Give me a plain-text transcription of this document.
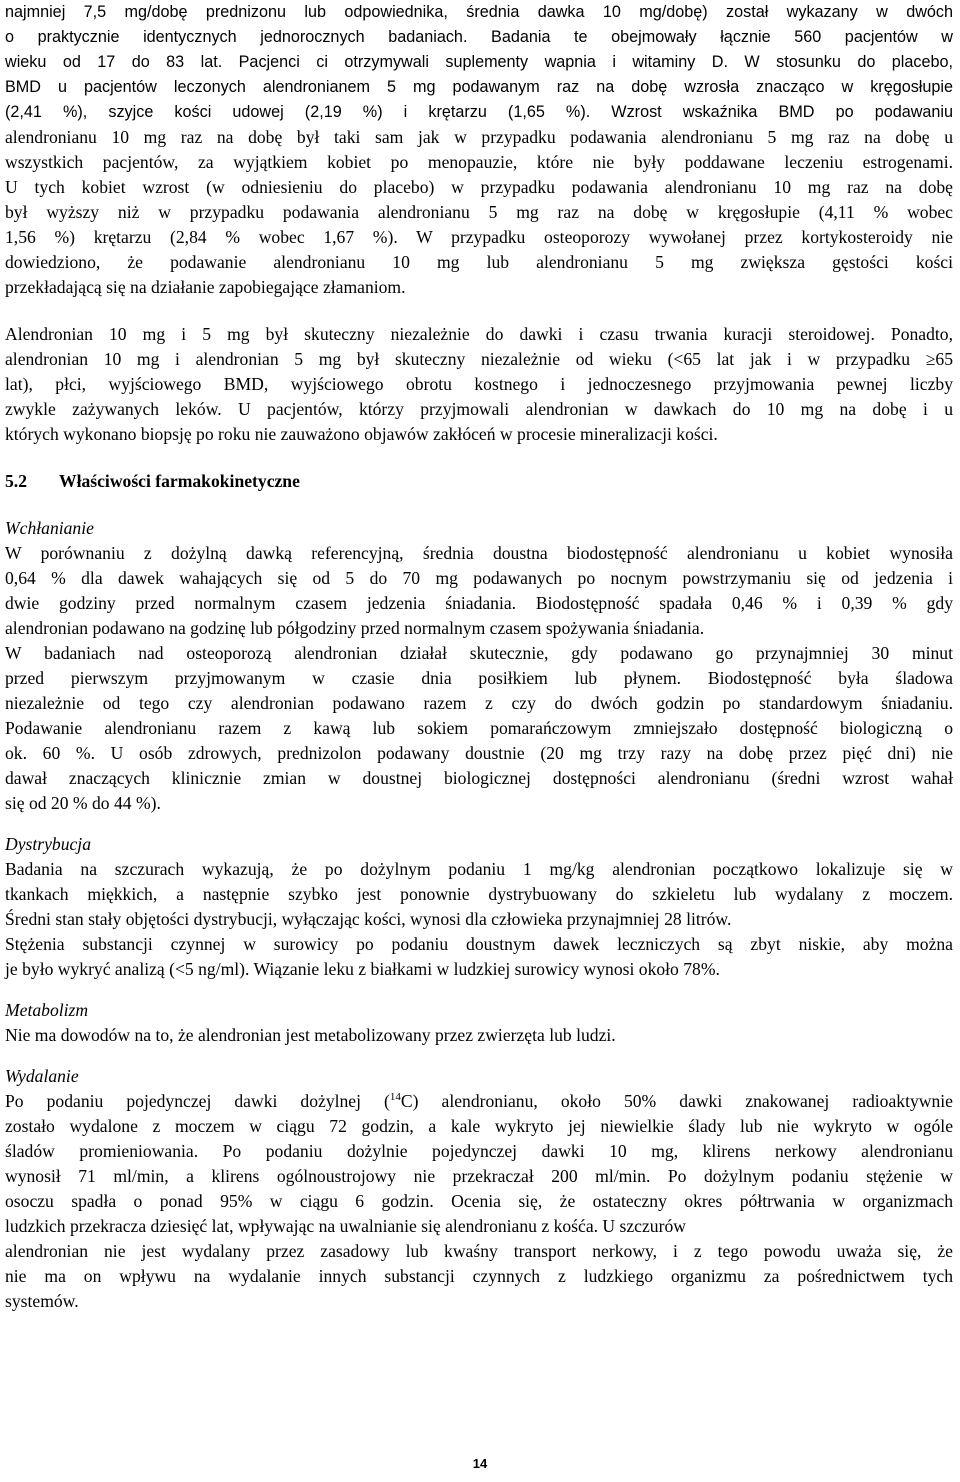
najmniej 7,5 mg/dobę prednizonu lub odpowiednika, średnia dawka 10 mg/dobę) został wykazany w dwóch
o praktycznie identycznych jednorocznych badaniach. Badania te obejmowały łącznie 560 pacjentów w
wieku od 17 do 83 lat. Pacjenci ci otrzymywali suplementy wapnia i witaminy D. W stosunku do placebo,
BMD u pacjentów leczonych alendronianem 5 mg podawanym raz na dobę wzrosła znacząco w kręgosłupie
(2,41 %), szyjce kości udowej (2,19 %) i krętarzu (1,65 %). Wzrost wskaźnika BMD po podawaniu
alendronianu 10 mg raz na dobę był taki sam jak w przypadku podawania alendronianu 5 mg raz na dobę u
wszystkich pacjentów, za wyjątkiem kobiet po menopauzie, które nie były poddawane leczeniu estrogenami.
U tych kobiet wzrost (w odniesieniu do placebo) w przypadku podawania alendronianu 10 mg raz na dobę
był wyższy niż w przypadku podawania alendronianu 5 mg raz na dobę w kręgosłupie (4,11 % wobec
1,56 %) krętarzu (2,84 % wobec 1,67 %). W przypadku osteoporozy wywołanej przez kortykosteroidy nie
dowiedziono, że podawanie alendronianu 10 mg lub alendronianu 5 mg zwiększa gęstości kości
przekładającą się na działanie zapobiegające złamaniom.
Alendronian 10 mg i 5 mg był skuteczny niezależnie do dawki i czasu trwania kuracji steroidowej. Ponadto,
alendronian 10 mg i alendronian 5 mg był skuteczny niezależnie od wieku (<65 lat jak i w przypadku ≥65
lat), płci, wyjściowego BMD, wyjściowego obrotu kostnego i jednoczesnego przyjmowania pewnej liczby
zwykle zażywanych leków. U pacjentów, którzy przyjmowali alendronian w dawkach do 10 mg na dobę i u
których wykonano biopsję po roku nie zauważono objawów zakłóceń w procesie mineralizacji kości.
5.2 Właściwości farmakokinetyczne
Wchłanianie
W porównaniu z dożylną dawką referencyjną, średnia doustna biodostępność alendronianu u kobiet wynosiła
0,64 % dla dawek wahających się od 5 do 70 mg podawanych po nocnym powstrzymaniu się od jedzenia i
dwie godziny przed normalnym czasem jedzenia śniadania. Biodostępność spadała 0,46 % i 0,39 % gdy
alendronian podawano na godzinę lub półgodziny przed normalnym czasem spożywania śniadania.
W badaniach nad osteoporozą alendronian działał skutecznie, gdy podawano go przynajmniej 30 minut
przed pierwszym przyjmowanym w czasie dnia posiłkiem lub płynem. Biodostępność była śladowa
niezależnie od tego czy alendronian podawano razem z czy do dwóch godzin po standardowym śniadaniu.
Podawanie alendronianu razem z kawą lub sokiem pomarańczowym zmniejszało dostępność biologiczną o
ok. 60 %. U osób zdrowych, prednizolon podawany doustnie (20 mg trzy razy na dobę przez pięć dni) nie
dawał znaczących klinicznie zmian w doustnej biologicznej dostępności alendronianu (średni wzrost wahał
się od 20 % do 44 %).
Dystrybucja
Badania na szczurach wykazują, że po dożylnym podaniu 1 mg/kg alendronian początkowo lokalizuje się w
tkankach miękkich, a następnie szybko jest ponownie dystrybuowany do szkieletu lub wydalany z moczem.
Średni stan stały objętości dystrybucji, wyłączając kości, wynosi dla człowieka przynajmniej 28 litrów.
Stężenia substancji czynnej w surowicy po podaniu doustnym dawek leczniczych są zbyt niskie, aby można
je było wykryć analizą (<5 ng/ml). Wiązanie leku z białkami w ludzkiej surowicy wynosi około 78%.
Metabolizm
Nie ma dowodów na to, że alendronian jest metabolizowany przez zwierzęta lub ludzi.
Wydalanie
Po podaniu pojedynczej dawki dożylnej ($^{14}$C) alendronianu, około 50% dawki znakowanej radioaktywnie
zostało wydalone z moczem w ciągu 72 godzin, a kale wykryto jej niewielkie ślady lub nie wykryto w ogóle
śladów promieniowania. Po podaniu dożylnie pojedynczej dawki 10 mg, klirens nerkowy alendronianu
wynosił 71 ml/min, a klirens ogólnoustrojowy nie przekraczał 200 ml/min. Po dożylnym podaniu stężenie w
osoczu spadła o ponad 95% w ciągu 6 godzin. Ocenia się, że ostateczny okres półtrwania w organizmach
ludzkich przekracza dziesięć lat, wpływając na uwalnianie się alendronianu z kośća. U szczurów
alendronian nie jest wydalany przez zasadowy lub kwaśny transport nerkowy, i z tego powodu uważa się, że
nie ma on wpływu na wydalanie innych substancji czynnych z ludzkiego organizmu za pośrednictwem tych
systemów.
14
